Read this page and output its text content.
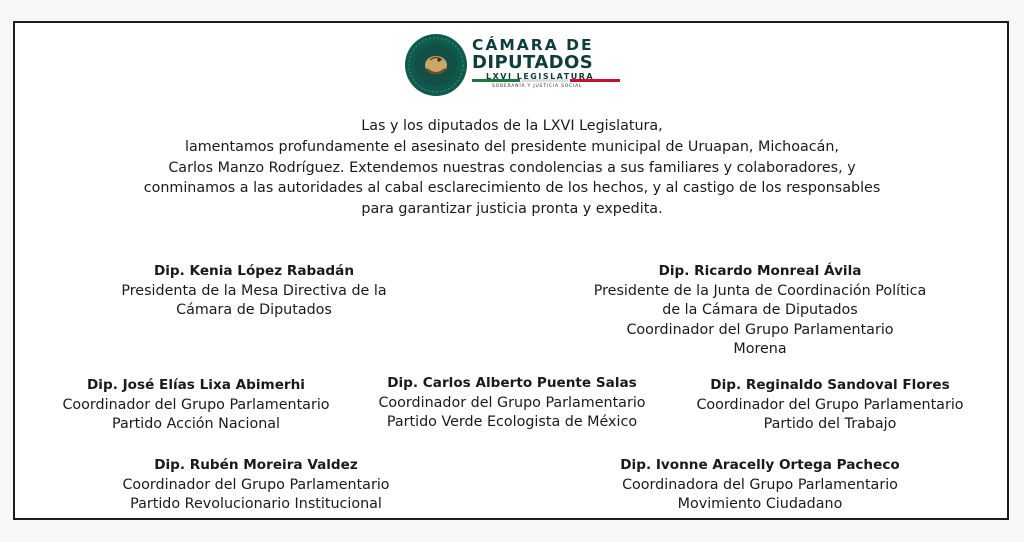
CÁMARA DE
DIPUTADOS
LXVI LEGISLATURA
SOBERANÍA Y JUSTICIA SOCIAL
Las y los diputados de la LXVI Legislatura,
lamentamos profundamente el asesinato del presidente municipal de Uruapan, Michoacán,
Carlos Manzo Rodríguez. Extendemos nuestras condolencias a sus familiares y colaboradores, y
conminamos a las autoridades al cabal esclarecimiento de los hechos, y al castigo de los responsables
para garantizar justicia pronta y expedita.
Dip. Kenia López Rabadán
Presidenta de la Mesa Directiva de la
Cámara de Diputados
Dip. Ricardo Monreal Ávila
Presidente de la Junta de Coordinación Política
de la Cámara de Diputados
Coordinador del Grupo Parlamentario
Morena
Dip. José Elías Lixa Abimerhi
Coordinador del Grupo Parlamentario
Partido Acción Nacional
Dip. Carlos Alberto Puente Salas
Coordinador del Grupo Parlamentario
Partido Verde Ecologista de México
Dip. Reginaldo Sandoval Flores
Coordinador del Grupo Parlamentario
Partido del Trabajo
Dip. Rubén Moreira Valdez
Coordinador del Grupo Parlamentario
Partido Revolucionario Institucional
Dip. Ivonne Aracelly Ortega Pacheco
Coordinadora del Grupo Parlamentario
Movimiento Ciudadano
